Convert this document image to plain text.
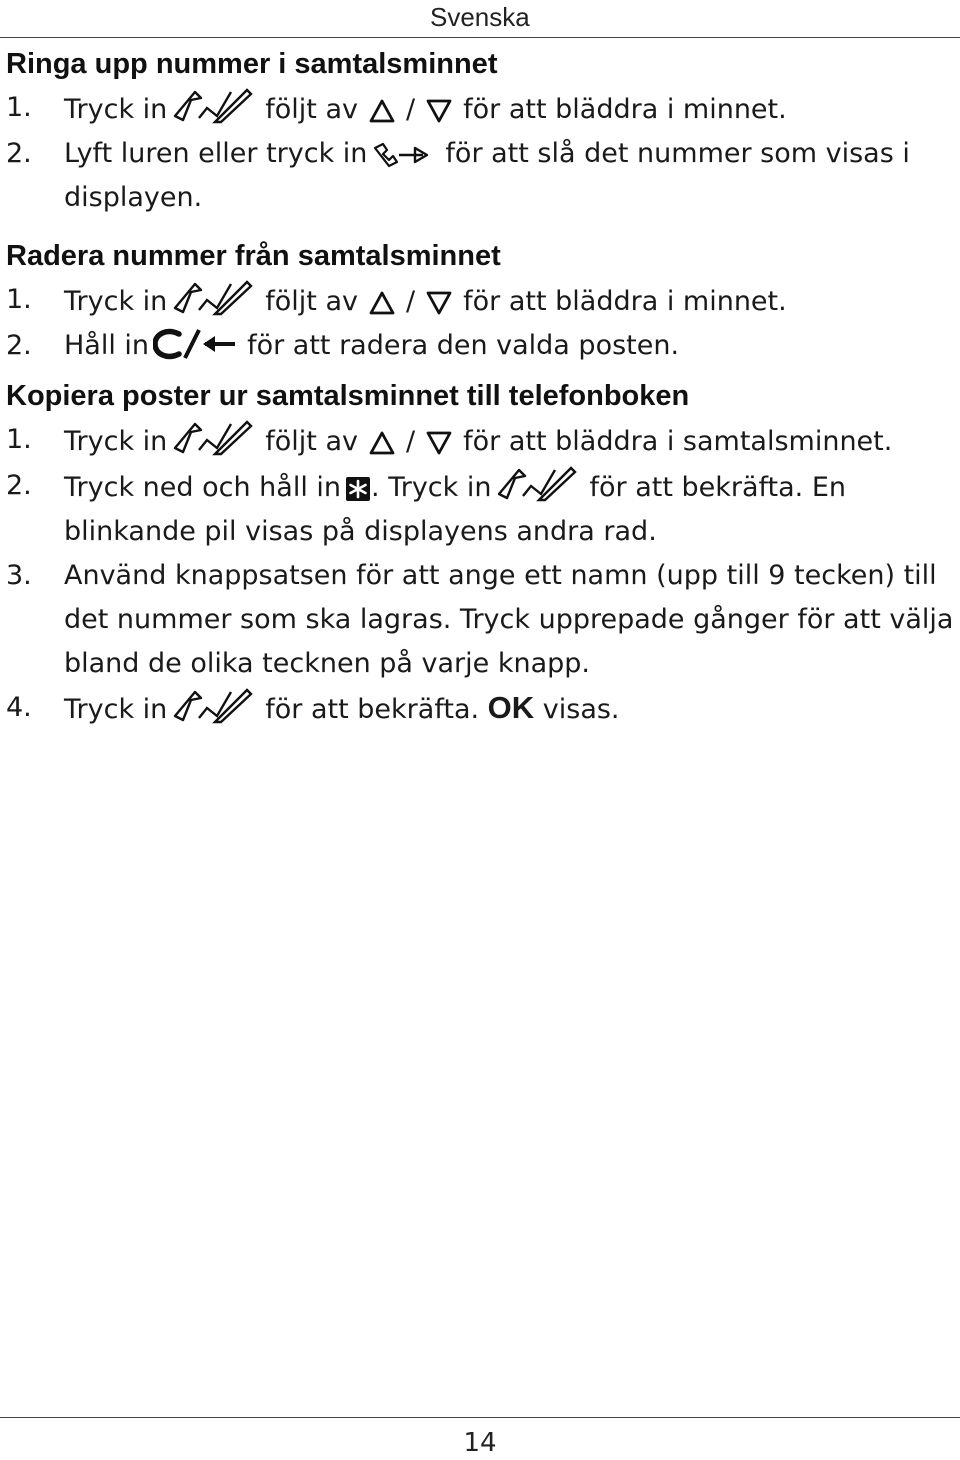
Svenska
Ringa upp nummer i samtalsminnet
1.	Tryck in	följt av / för att bläddra i minnet.
2.	Lyft luren eller tryck in	för att slå det nummer som visas i displayen.
Radera nummer från samtalsminnet
1.	Tryck in	följt av / för att bläddra i minnet.
2.	Håll in	för att radera den valda posten.
Kopiera poster ur samtalsminnet till telefonboken
1.	Tryck in	följt av / för att bläddra i samtalsminnet.
2.	Tryck ned och håll in . Tryck in	för att bekräfta. En blinkande pil visas på displayens andra rad.
3.	Använd knappsatsen för att ange ett namn (upp till 9 tecken) till det nummer som ska lagras. Tryck upprepade gånger för att välja bland de olika tecknen på varje knapp.
4.	Tryck in	för att bekräfta. OK visas.
14
